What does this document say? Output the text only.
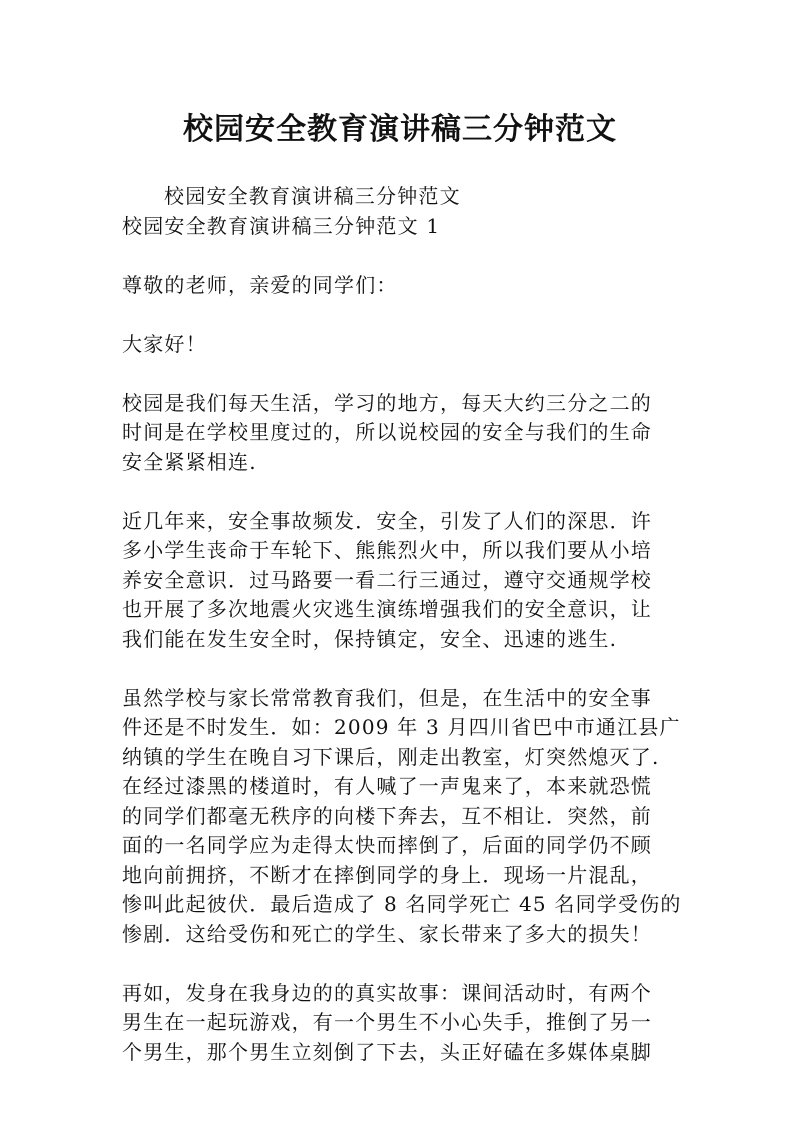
校园安全教育演讲稿三分钟范文
校园安全教育演讲稿三分钟范文
校园安全教育演讲稿三分钟范文 1
尊敬的老师，亲爱的同学们：
大家好！
校园是我们每天生活，学习的地方，每天大约三分之二的
时间是在学校里度过的，所以说校园的安全与我们的生命
安全紧紧相连.
近几年来，安全事故频发．安全，引发了人们的深思．许
多小学生丧命于车轮下、熊熊烈火中，所以我们要从小培
养安全意识．过马路要一看二行三通过，遵守交通规学校
也开展了多次地震火灾逃生演练增强我们的安全意识，让
我们能在发生安全时，保持镇定，安全、迅速的逃生.
虽然学校与家长常常教育我们，但是，在生活中的安全事
件还是不时发生．如：2009 年 3 月四川省巴中市通江县广
纳镇的学生在晚自习下课后，刚走出教室，灯突然熄灭了.
在经过漆黑的楼道时，有人喊了一声鬼来了，本来就恐慌
的同学们都毫无秩序的向楼下奔去，互不相让．突然，前
面的一名同学应为走得太快而摔倒了，后面的同学仍不顾
地向前拥挤，不断才在摔倒同学的身上．现场一片混乱，
惨叫此起彼伏．最后造成了 8 名同学死亡 45 名同学受伤的
惨剧．这给受伤和死亡的学生、家长带来了多大的损失！
再如，发身在我身边的的真实故事：课间活动时，有两个
男生在一起玩游戏，有一个男生不小心失手，推倒了另一
个男生，那个男生立刻倒了下去，头正好磕在多媒体桌脚
